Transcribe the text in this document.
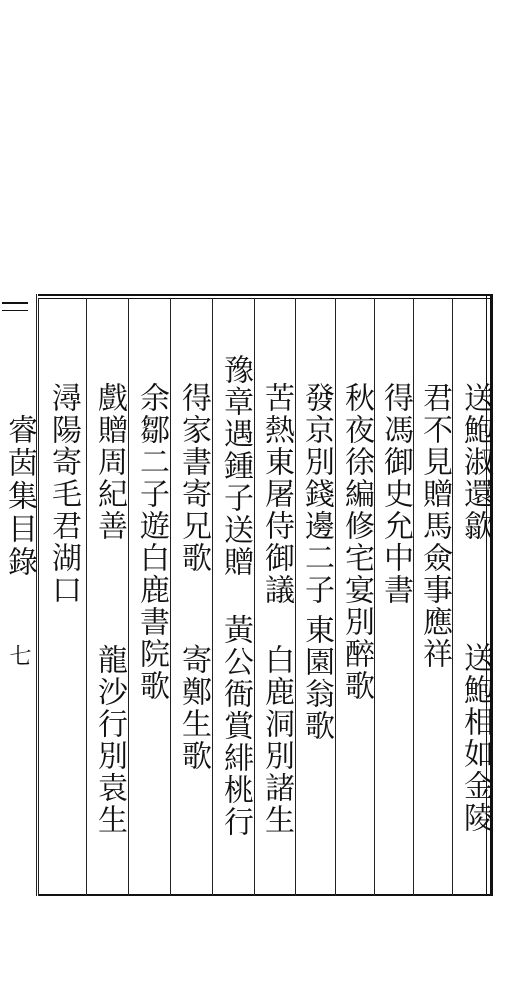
睿茵集目錄
七
送鮑淑還歙
送鮑相如金陵
君不見贈馬僉事應祥
得馮御史允中書
秋夜徐編修宅宴別醉歌
發京別錢邊二子
東園翁歌
苦熱東屠侍御議
白鹿洞別諸生
豫章遇鍾子送贈
黃公衙賞緋桃行
得家書寄兄歌
寄鄭生歌
余鄒二子遊白鹿書院歌
戲贈周紀善
龍沙行別袁生
潯陽寄毛君湖口
